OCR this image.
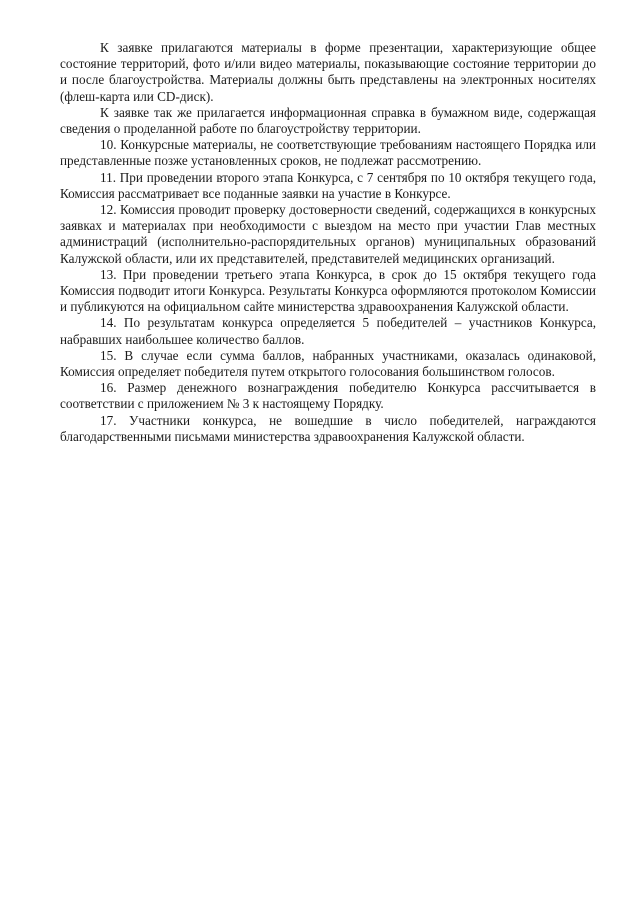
К заявке прилагаются материалы в форме презентации, характеризующие общее состояние территорий, фото и/или видео материалы, показывающие состояние территории до и после благоустройства. Материалы должны быть представлены на электронных носителях (флеш-карта или CD-диск).

К заявке так же прилагается информационная справка в бумажном виде, содержащая сведения о проделанной работе по благоустройству территории.

10. Конкурсные материалы, не соответствующие требованиям настоящего Порядка или представленные позже установленных сроков, не подлежат рассмотрению.

11. При проведении второго этапа Конкурса, с 7 сентября по 10 октября текущего года, Комиссия рассматривает все поданные заявки на участие в Конкурсе.

12. Комиссия проводит проверку достоверности сведений, содержащихся в конкурсных заявках и материалах при необходимости с выездом на место при участии Глав местных администраций (исполнительно-распорядительных органов) муниципальных образований Калужской области, или их представителей, представителей медицинских организаций.

13. При проведении третьего этапа Конкурса, в срок до 15 октября текущего года Комиссия подводит итоги Конкурса. Результаты Конкурса оформляются протоколом Комиссии и публикуются на официальном сайте министерства здравоохранения Калужской области.

14. По результатам конкурса определяется 5 победителей – участников Конкурса, набравших наибольшее количество баллов.

15. В случае если сумма баллов, набранных участниками, оказалась одинаковой, Комиссия определяет победителя путем открытого голосования большинством голосов.

16. Размер денежного вознаграждения победителю Конкурса рассчитывается в соответствии с приложением № 3 к настоящему Порядку.

17. Участники конкурса, не вошедшие в число победителей, награждаются благодарственными письмами министерства здравоохранения Калужской области.
